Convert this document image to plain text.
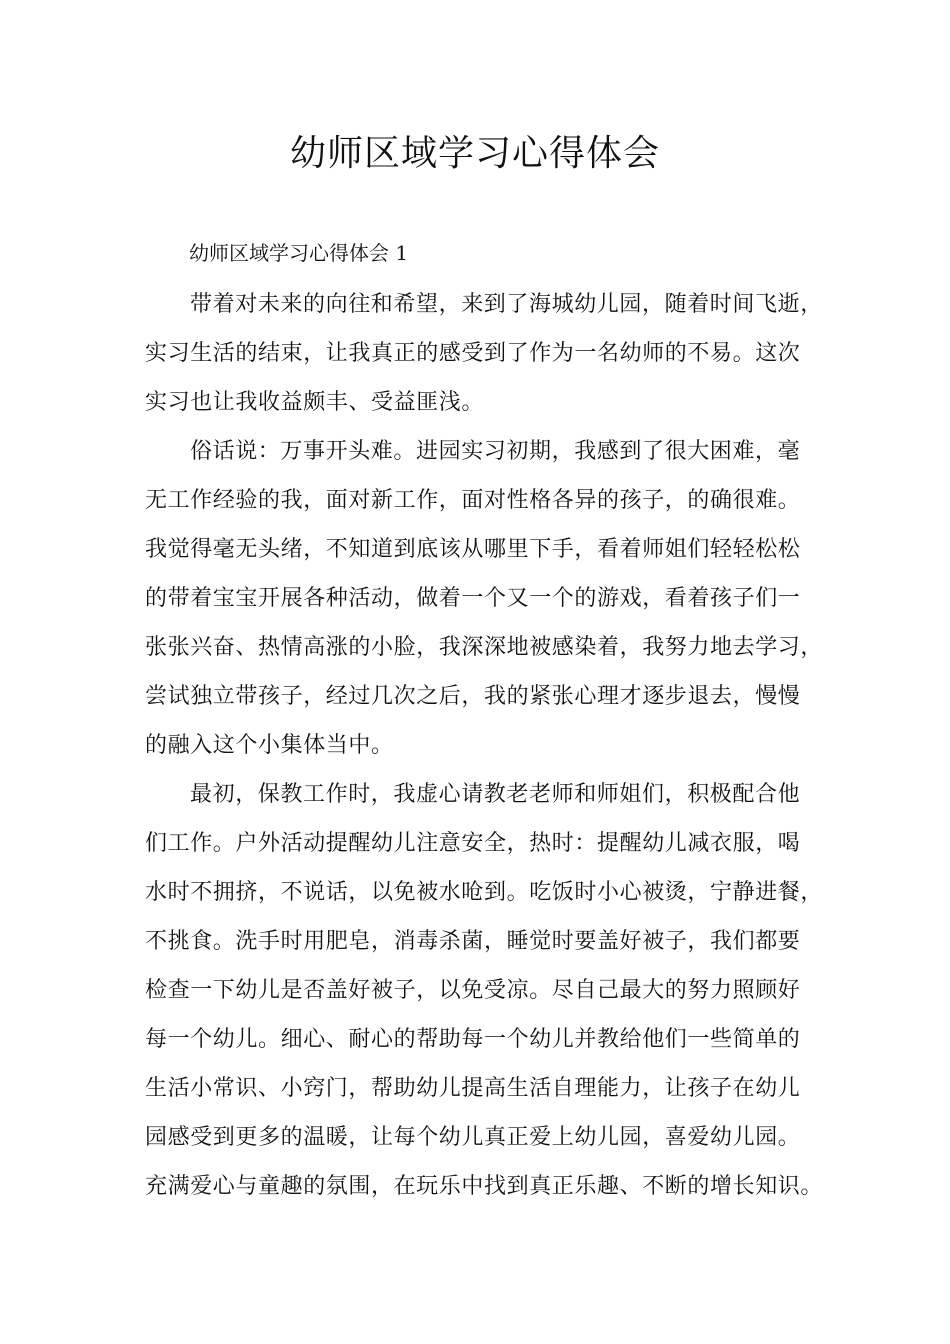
幼师区域学习心得体会

幼师区域学习心得体会 1

带着对未来的向往和希望，来到了海城幼儿园，随着时间飞逝，
实习生活的结束，让我真正的感受到了作为一名幼师的不易。这次
实习也让我收益颇丰、受益匪浅。
俗话说：万事开头难。进园实习初期，我感到了很大困难，毫
无工作经验的我，面对新工作，面对性格各异的孩子，的确很难。
我觉得毫无头绪，不知道到底该从哪里下手，看着师姐们轻轻松松
的带着宝宝开展各种活动，做着一个又一个的游戏，看着孩子们一
张张兴奋、热情高涨的小脸，我深深地被感染着，我努力地去学习，
尝试独立带孩子，经过几次之后，我的紧张心理才逐步退去，慢慢
的融入这个小集体当中。
最初，保教工作时，我虚心请教老老师和师姐们，积极配合他
们工作。户外活动提醒幼儿注意安全，热时：提醒幼儿减衣服，喝
水时不拥挤，不说话，以免被水呛到。吃饭时小心被烫，宁静进餐，
不挑食。洗手时用肥皂，消毒杀菌，睡觉时要盖好被子，我们都要
检查一下幼儿是否盖好被子，以免受凉。尽自己最大的努力照顾好
每一个幼儿。细心、耐心的帮助每一个幼儿并教给他们一些简单的
生活小常识、小窍门，帮助幼儿提高生活自理能力，让孩子在幼儿
园感受到更多的温暖，让每个幼儿真正爱上幼儿园，喜爱幼儿园。
充满爱心与童趣的氛围，在玩乐中找到真正乐趣、不断的增长知识。
